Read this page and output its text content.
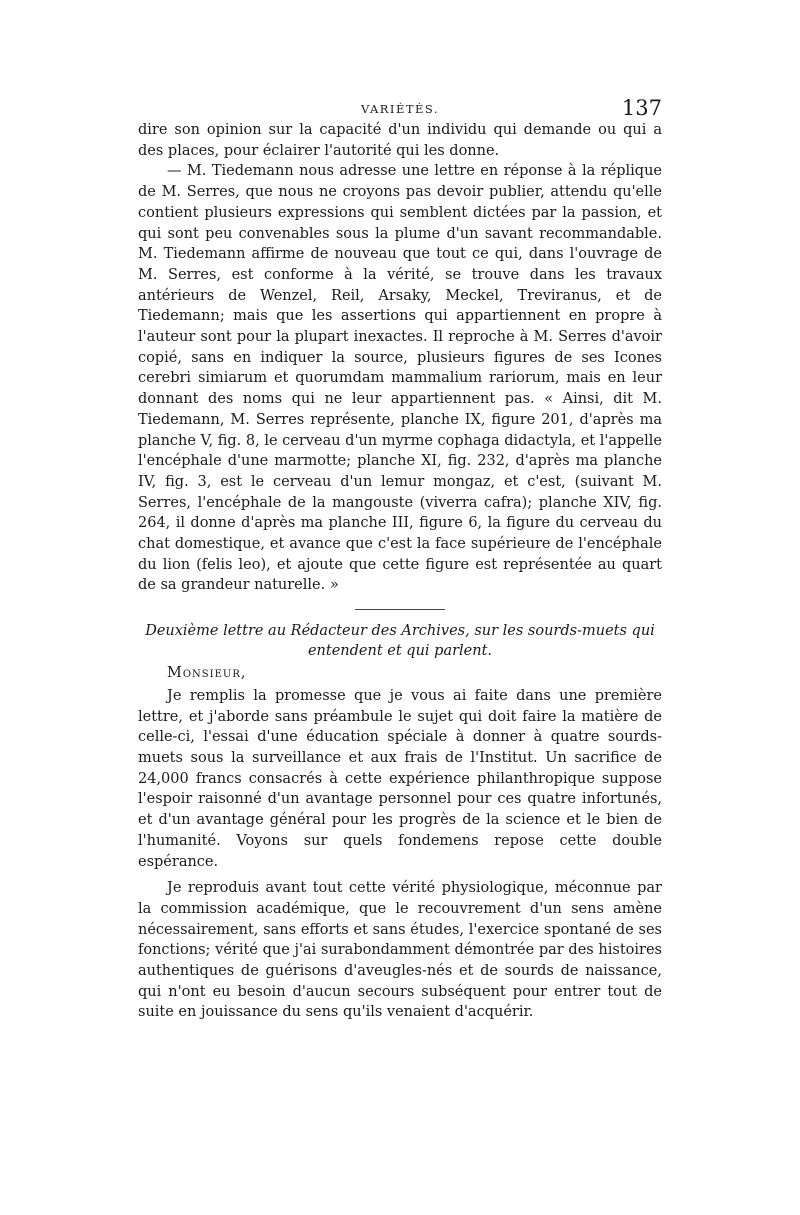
VARIÉTÉS.	137

dire son opinion sur la capacité d'un individu qui demande ou qui a des places, pour éclairer l'autorité qui les donne.

— M. Tiedemann nous adresse une lettre en réponse à la réplique de M. Serres, que nous ne croyons pas devoir publier, attendu qu'elle contient plusieurs expressions qui semblent dictées par la passion, et qui sont peu convenables sous la plume d'un savant recommandable. M. Tiedemann affirme de nouveau que tout ce qui, dans l'ouvrage de M. Serres, est conforme à la vérité, se trouve dans les travaux antérieurs de Wenzel, Reil, Arsaky, Meckel, Treviranus, et de Tiedemann; mais que les assertions qui appartiennent en propre à l'auteur sont pour la plupart inexactes. Il reproche à M. Serres d'avoir copié, sans en indiquer la source, plusieurs figures de ses Icones cerebri simiarum et quorumdam mammalium rariorum, mais en leur donnant des noms qui ne leur appartiennent pas. « Ainsi, dit M. Tiedemann, M. Serres représente, planche IX, figure 201, d'après ma planche V, fig. 8, le cerveau d'un myrme cophaga didactyla, et l'appelle l'encéphale d'une marmotte; planche XI, fig. 232, d'après ma planche IV, fig. 3, est le cerveau d'un lemur mongaz, et c'est, (suivant M. Serres, l'encéphale de la mangouste (viverra cafra); planche XIV, fig. 264, il donne d'après ma planche III, figure 6, la figure du cerveau du chat domestique, et avance que c'est la face supérieure de l'encéphale du lion (felis leo), et ajoute que cette figure est représentée au quart de sa grandeur naturelle. »

Deuxième lettre au Rédacteur des Archives, sur les sourds-muets qui
entendent et qui parlent.

Monsieur,

Je remplis la promesse que je vous ai faite dans une première lettre, et j'aborde sans préambule le sujet qui doit faire la matière de celle-ci, l'essai d'une éducation spéciale à donner à quatre sourds-muets sous la surveillance et aux frais de l'Institut. Un sacrifice de 24,000 francs consacrés à cette expérience philanthropique suppose l'espoir raisonné d'un avantage personnel pour ces quatre infortunés, et d'un avantage général pour les progrès de la science et le bien de l'humanité. Voyons sur quels fondemens repose cette double espérance.

Je reproduis avant tout cette vérité physiologique, méconnue par la commission académique, que le recouvrement d'un sens amène nécessairement, sans efforts et sans études, l'exercice spontané de ses fonctions; vérité que j'ai surabondamment démontrée par des histoires authentiques de guérisons d'aveugles-nés et de sourds de naissance, qui n'ont eu besoin d'aucun secours subséquent pour entrer tout de suite en jouissance du sens qu'ils venaient d'acquérir.
